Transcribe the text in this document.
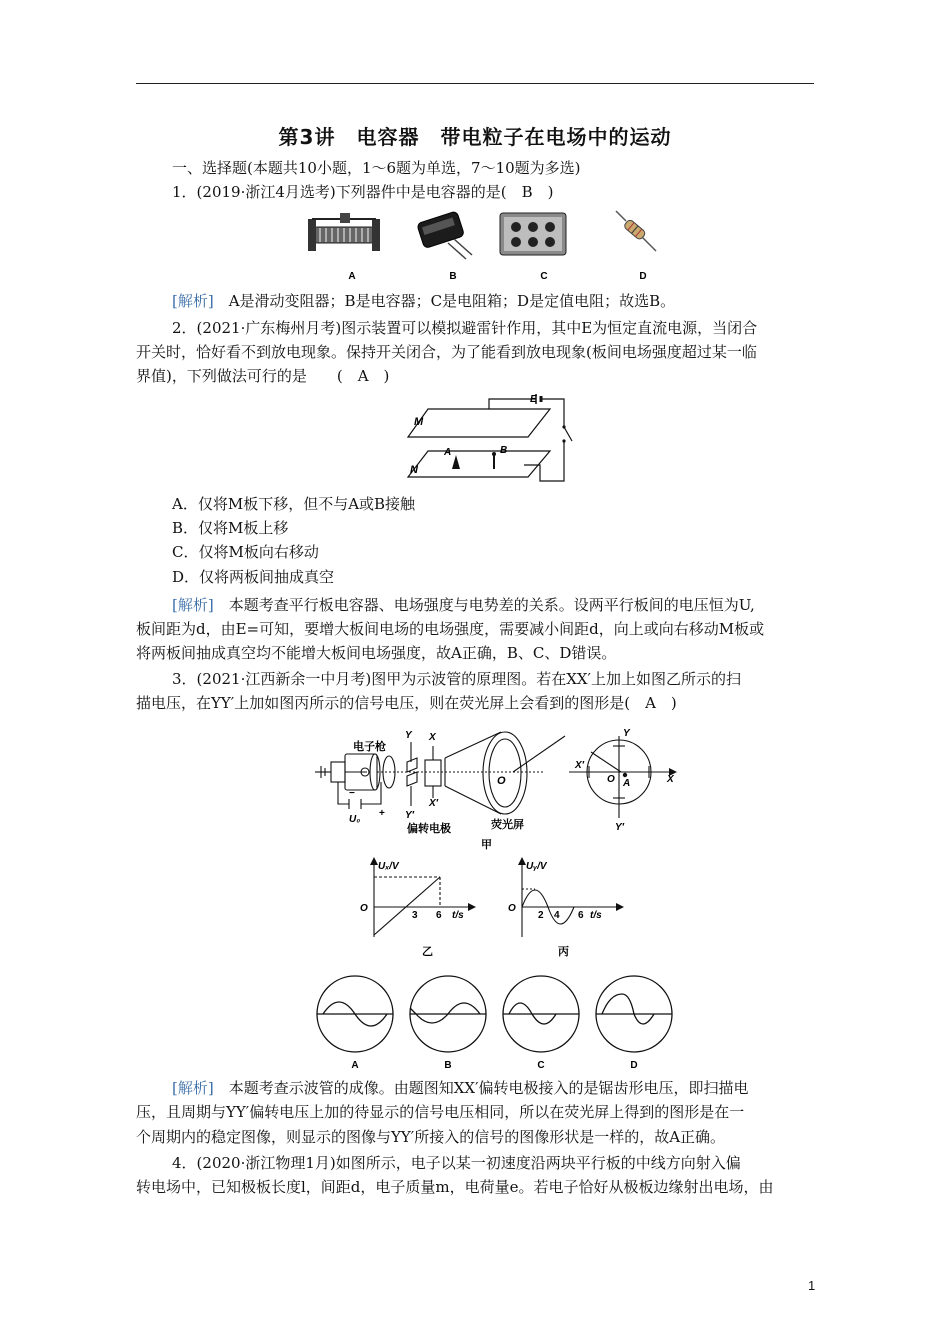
第3讲　电容器　带电粒子在电场中的运动
一、选择题(本题共10小题，1～6题为单选，7～10题为多选)
1．(2019·浙江4月选考)下列器件中是电容器的是(　B　)
A	B	C	D
[解析]　A是滑动变阻器；B是电容器；C是电阻箱；D是定值电阻；故选B。
2．(2021·广东梅州月考)图示装置可以模拟避雷针作用，其中E为恒定直流电源，当闭合
开关时，恰好看不到放电现象。保持开关闭合，为了能看到放电现象(板间电场强度超过某一临
界值)，下列做法可行的是　　(　A　)
M
N
E
A	B
A．仅将M板下移，但不与A或B接触
B．仅将M板上移
C．仅将M板向右移动
D．仅将两板间抽成真空
[解析]　本题考查平行板电容器、电场强度与电势差的关系。设两平行板间的电压恒为U,
板间距为d，由E=可知，要增大板间电场的电场强度，需要减小间距d，向上或向右移动M板或
将两板间抽成真空均不能增大板间电场强度，故A正确，B、C、D错误。
3．(2021·江西新余一中月考)图甲为示波管的原理图。若在XX′上加上如图乙所示的扫
描电压，在YY′上加如图丙所示的信号电压，则在荧光屏上会看到的图形是(　A　)
电子枪
偏转电极	荧光屏
Y
Y′
X
X′
O
U₀
+
−
Y
Y′
X
X′
O A
甲
Uₓ/V
O
3 6 t/s
乙
Uᵧ/V
O
2 4 6 t/s
丙
A	B	C	D
[解析]　本题考查示波管的成像。由题图知XX′偏转电极接入的是锯齿形电压，即扫描电
压，且周期与YY′偏转电压上加的待显示的信号电压相同，所以在荧光屏上得到的图形是在一
个周期内的稳定图像，则显示的图像与YY′所接入的信号的图像形状是一样的，故A正确。
4．(2020·浙江物理1月)如图所示，电子以某一初速度沿两块平行板的中线方向射入偏
转电场中，已知极板长度l，间距d，电子质量m，电荷量e。若电子恰好从极板边缘射出电场，由
1
